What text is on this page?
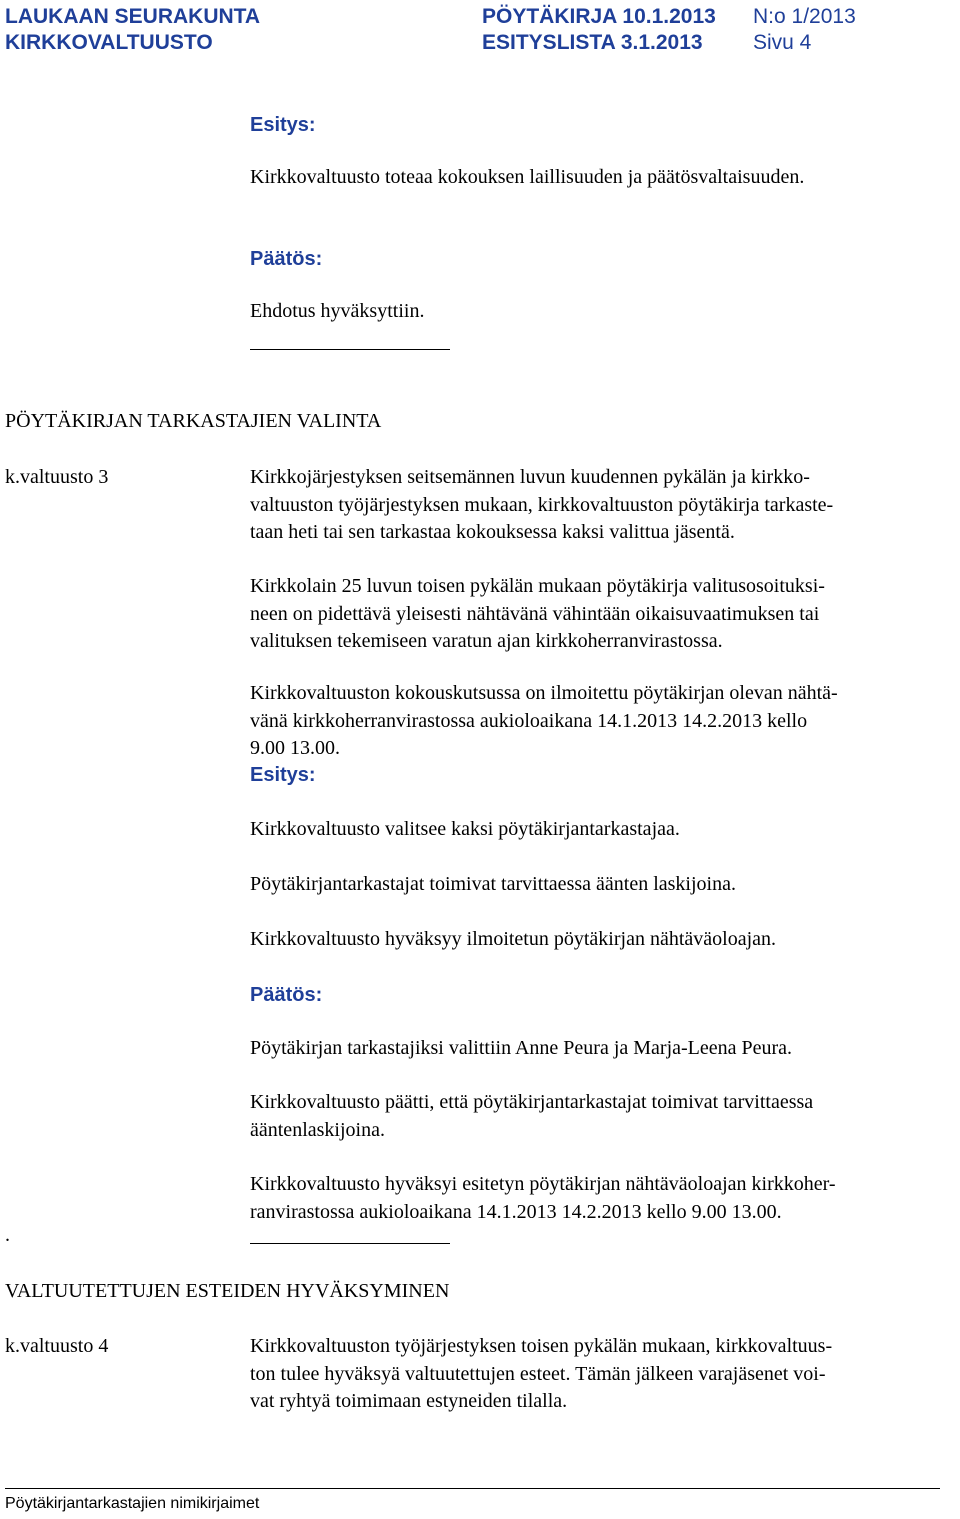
LAUKAAN SEURAKUNTA
KIRKKOVALTUUSTO
PÖYTÄKIRJA 10.1.2013
ESITYSLISTA 3.1.2013
N:o 1/2013
Sivu 4
Esitys:
Kirkkovaltuusto toteaa kokouksen laillisuuden ja päätösvaltaisuuden.
Päätös:
Ehdotus hyväksyttiin.
PÖYTÄKIRJAN TARKASTAJIEN VALINTA
k.valtuusto 3	Kirkkojärjestyksen seitsemännen luvun kuudennen pykälän ja kirkko-
valtuuston työjärjestyksen mukaan, kirkkovaltuuston pöytäkirja tarkaste-
taan heti tai sen tarkastaa kokouksessa kaksi valittua jäsentä.
Kirkkolain 25 luvun toisen pykälän mukaan pöytäkirja valitusosoituksi-
neen on pidettävä yleisesti nähtävänä vähintään oikaisuvaatimuksen tai
valituksen tekemiseen varatun ajan kirkkoherranvirastossa.
Kirkkovaltuuston kokouskutsussa on ilmoitettu pöytäkirjan olevan nähtä-
vänä kirkkoherranvirastossa aukioloaikana 14.1.2013 14.2.2013 kello
9.00 13.00.
Esitys:
Kirkkovaltuusto valitsee kaksi pöytäkirjantarkastajaa.
Pöytäkirjantarkastajat toimivat tarvittaessa äänten laskijoina.
Kirkkovaltuusto hyväksyy ilmoitetun pöytäkirjan nähtäväoloajan.
Päätös:
Pöytäkirjan tarkastajiksi valittiin Anne Peura ja Marja-Leena Peura.
Kirkkovaltuusto päätti, että pöytäkirjantarkastajat toimivat tarvittaessa
ääntenlaskijoina.
Kirkkovaltuusto hyväksyi esitetyn pöytäkirjan nähtäväoloajan kirkkoher-
ranvirastossa aukioloaikana 14.1.2013 14.2.2013 kello 9.00 13.00.
.
VALTUUTETTUJEN ESTEIDEN HYVÄKSYMINEN
k.valtuusto 4	Kirkkovaltuuston työjärjestyksen toisen pykälän mukaan, kirkkovaltuus-
ton tulee hyväksyä valtuutettujen esteet. Tämän jälkeen varajäsenet voi-
vat ryhtyä toimimaan estyneiden tilalla.
Pöytäkirjantarkastajien nimikirjaimet
